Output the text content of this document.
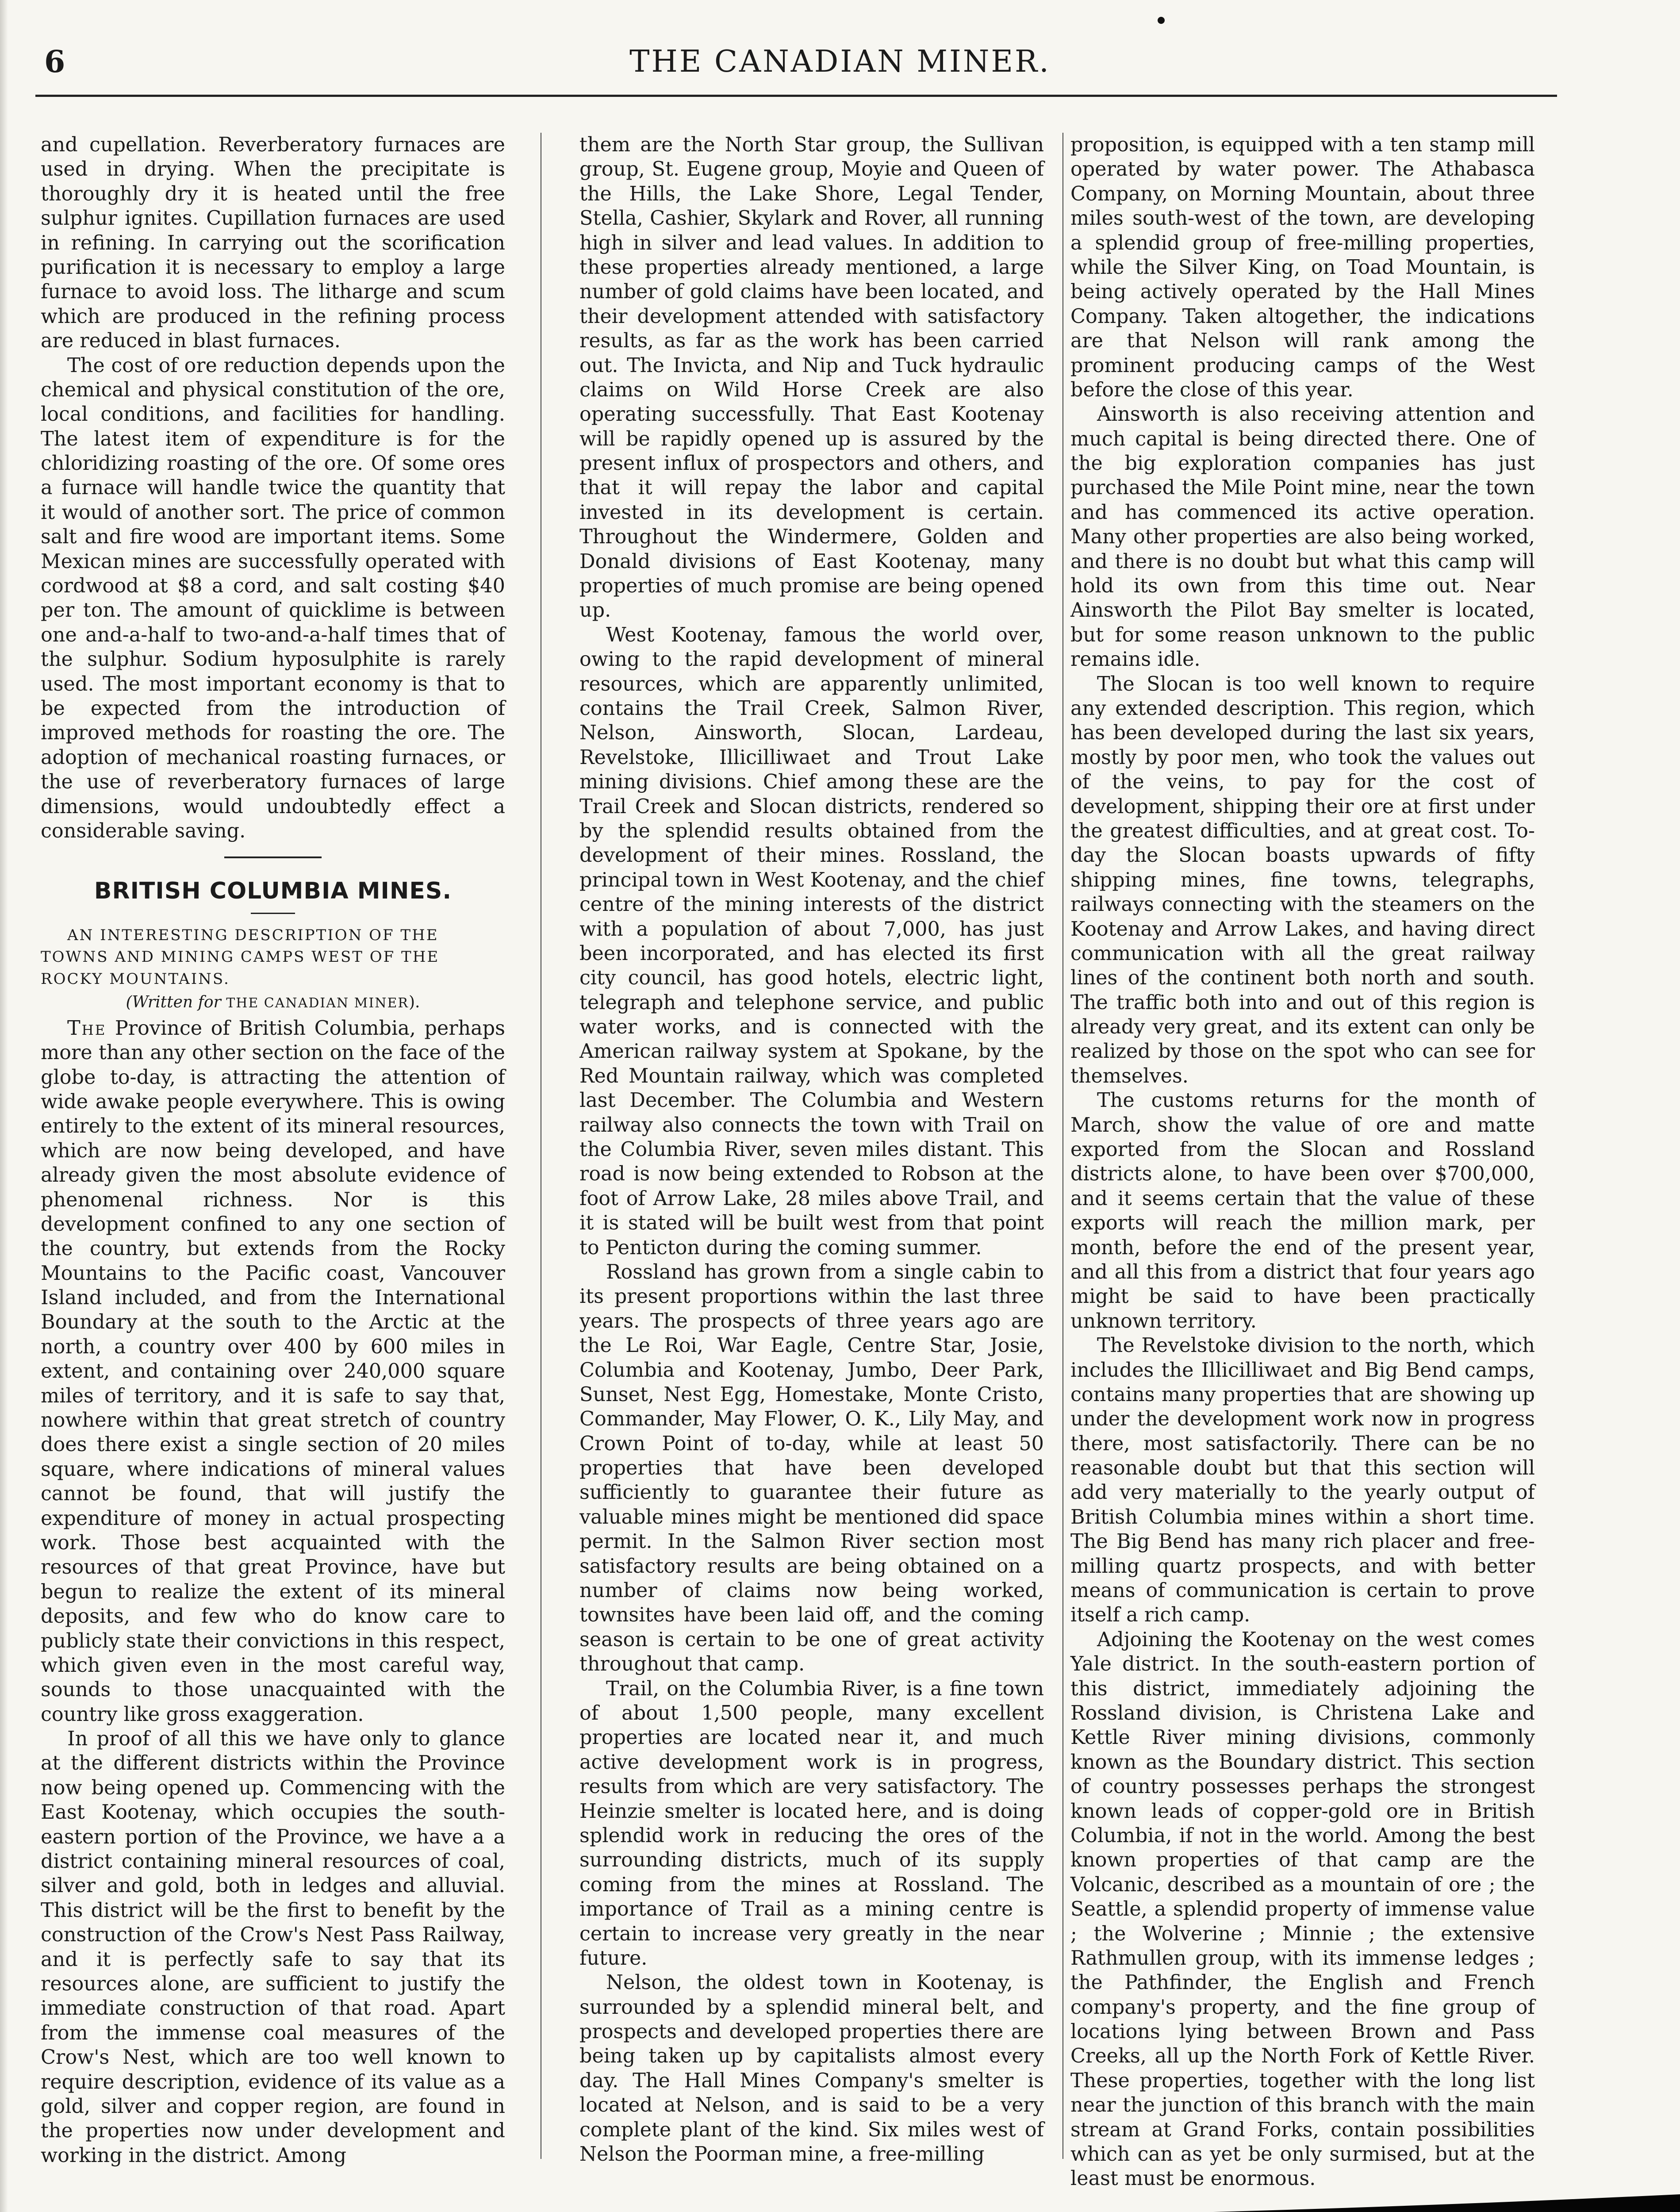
6	THE CANADIAN MINER.

and cupellation. Reverberatory furnaces are used in drying. When the precipitate is thoroughly dry it is heated until the free sulphur ignites. Cupillation furnaces are used in refining. In carrying out the scorification purification it is necessary to employ a large furnace to avoid loss. The litharge and scum which are produced in the refining process are reduced in blast furnaces.

The cost of ore reduction depends upon the chemical and physical constitution of the ore, local conditions, and facilities for handling. The latest item of expenditure is for the chloridizing roasting of the ore. Of some ores a furnace will handle twice the quantity that it would of another sort. The price of common salt and fire wood are important items. Some Mexican mines are successfully operated with cordwood at $8 a cord, and salt costing $40 per ton. The amount of quicklime is between one and-a-half to two-and-a-half times that of the sulphur. Sodium hyposulphite is rarely used. The most important economy is that to be expected from the introduction of improved methods for roasting the ore. The adoption of mechanical roasting furnaces, or the use of reverberatory furnaces of large dimensions, would undoubtedly effect a considerable saving.

BRITISH COLUMBIA MINES.

AN INTERESTING DESCRIPTION OF THE TOWNS AND MINING CAMPS WEST OF THE ROCKY MOUNTAINS.

(Written for THE CANADIAN MINER).

The Province of British Columbia, perhaps more than any other section on the face of the globe to-day, is attracting the attention of wide awake people everywhere. This is owing entirely to the extent of its mineral resources, which are now being developed, and have already given the most absolute evidence of phenomenal richness. Nor is this development confined to any one section of the country, but extends from the Rocky Mountains to the Pacific coast, Vancouver Island included, and from the International Boundary at the south to the Arctic at the north, a country over 400 by 600 miles in extent, and containing over 240,000 square miles of territory, and it is safe to say that, nowhere within that great stretch of country does there exist a single section of 20 miles square, where indications of mineral values cannot be found, that will justify the expenditure of money in actual prospecting work. Those best acquainted with the resources of that great Province, have but begun to realize the extent of its mineral deposits, and few who do know care to publicly state their convictions in this respect, which given even in the most careful way, sounds to those unacquainted with the country like gross exaggeration.

In proof of all this we have only to glance at the different districts within the Province now being opened up. Commencing with the East Kootenay, which occupies the south-eastern portion of the Province, we have a a district containing mineral resources of coal, silver and gold, both in ledges and alluvial. This district will be the first to benefit by the construction of the Crow's Nest Pass Railway, and it is perfectly safe to say that its resources alone, are sufficient to justify the immediate construction of that road. Apart from the immense coal measures of the Crow's Nest, which are too well known to require description, evidence of its value as a gold, silver and copper region, are found in the properties now under development and working in the district. Among

them are the North Star group, the Sullivan group, St. Eugene group, Moyie and Queen of the Hills, the Lake Shore, Legal Tender, Stella, Cashier, Skylark and Rover, all running high in silver and lead values. In addition to these properties already mentioned, a large number of gold claims have been located, and their development attended with satisfactory results, as far as the work has been carried out. The Invicta, and Nip and Tuck hydraulic claims on Wild Horse Creek are also operating successfully. That East Kootenay will be rapidly opened up is assured by the present influx of prospectors and others, and that it will repay the labor and capital invested in its development is certain. Throughout the Windermere, Golden and Donald divisions of East Kootenay, many properties of much promise are being opened up.

West Kootenay, famous the world over, owing to the rapid development of mineral resources, which are apparently unlimited, contains the Trail Creek, Salmon River, Nelson, Ainsworth, Slocan, Lardeau, Revelstoke, Illicilliwaet and Trout Lake mining divisions. Chief among these are the Trail Creek and Slocan districts, rendered so by the splendid results obtained from the development of their mines. Rossland, the principal town in West Kootenay, and the chief centre of the mining interests of the district with a population of about 7,000, has just been incorporated, and has elected its first city council, has good hotels, electric light, telegraph and telephone service, and public water works, and is connected with the American railway system at Spokane, by the Red Mountain railway, which was completed last December. The Columbia and Western railway also connects the town with Trail on the Columbia River, seven miles distant. This road is now being extended to Robson at the foot of Arrow Lake, 28 miles above Trail, and it is stated will be built west from that point to Penticton during the coming summer.

Rossland has grown from a single cabin to its present proportions within the last three years. The prospects of three years ago are the Le Roi, War Eagle, Centre Star, Josie, Columbia and Kootenay, Jumbo, Deer Park, Sunset, Nest Egg, Homestake, Monte Cristo, Commander, May Flower, O. K., Lily May, and Crown Point of to-day, while at least 50 properties that have been developed sufficiently to guarantee their future as valuable mines might be mentioned did space permit. In the Salmon River section most satisfactory results are being obtained on a number of claims now being worked, townsites have been laid off, and the coming season is certain to be one of great activity throughout that camp.

Trail, on the Columbia River, is a fine town of about 1,500 people, many excellent properties are located near it, and much active development work is in progress, results from which are very satisfactory. The Heinzie smelter is located here, and is doing splendid work in reducing the ores of the surrounding districts, much of its supply coming from the mines at Rossland. The importance of Trail as a mining centre is certain to increase very greatly in the near future.

Nelson, the oldest town in Kootenay, is surrounded by a splendid mineral belt, and prospects and developed properties there are being taken up by capitalists almost every day. The Hall Mines Company's smelter is located at Nelson, and is said to be a very complete plant of the kind. Six miles west of Nelson the Poorman mine, a free-milling

proposition, is equipped with a ten stamp mill operated by water power. The Athabasca Company, on Morning Mountain, about three miles south-west of the town, are developing a splendid group of free-milling properties, while the Silver King, on Toad Mountain, is being actively operated by the Hall Mines Company. Taken altogether, the indications are that Nelson will rank among the prominent producing camps of the West before the close of this year.

Ainsworth is also receiving attention and much capital is being directed there. One of the big exploration companies has just purchased the Mile Point mine, near the town and has commenced its active operation. Many other properties are also being worked, and there is no doubt but what this camp will hold its own from this time out. Near Ainsworth the Pilot Bay smelter is located, but for some reason unknown to the public remains idle.

The Slocan is too well known to require any extended description. This region, which has been developed during the last six years, mostly by poor men, who took the values out of the veins, to pay for the cost of development, shipping their ore at first under the greatest difficulties, and at great cost. To-day the Slocan boasts upwards of fifty shipping mines, fine towns, telegraphs, railways connecting with the steamers on the Kootenay and Arrow Lakes, and having direct communication with all the great railway lines of the continent both north and south. The traffic both into and out of this region is already very great, and its extent can only be realized by those on the spot who can see for themselves.

The customs returns for the month of March, show the value of ore and matte exported from the Slocan and Rossland districts alone, to have been over $700,000, and it seems certain that the value of these exports will reach the million mark, per month, before the end of the present year, and all this from a district that four years ago might be said to have been practically unknown territory.

The Revelstoke division to the north, which includes the Illicilliwaet and Big Bend camps, contains many properties that are showing up under the development work now in progress there, most satisfactorily. There can be no reasonable doubt but that this section will add very materially to the yearly output of British Columbia mines within a short time. The Big Bend has many rich placer and free-milling quartz prospects, and with better means of communication is certain to prove itself a rich camp.

Adjoining the Kootenay on the west comes Yale district. In the south-eastern portion of this district, immediately adjoining the Rossland division, is Christena Lake and Kettle River mining divisions, commonly known as the Boundary district. This section of country possesses perhaps the strongest known leads of copper-gold ore in British Columbia, if not in the world. Among the best known properties of that camp are the Volcanic, described as a mountain of ore ; the Seattle, a splendid property of immense value ; the Wolverine ; Minnie ; the extensive Rathmullen group, with its immense ledges ; the Pathfinder, the English and French company's property, and the fine group of locations lying between Brown and Pass Creeks, all up the North Fork of Kettle River. These properties, together with the long list near the junction of this branch with the main stream at Grand Forks, contain possibilities which can as yet be only surmised, but at the least must be enormous.
